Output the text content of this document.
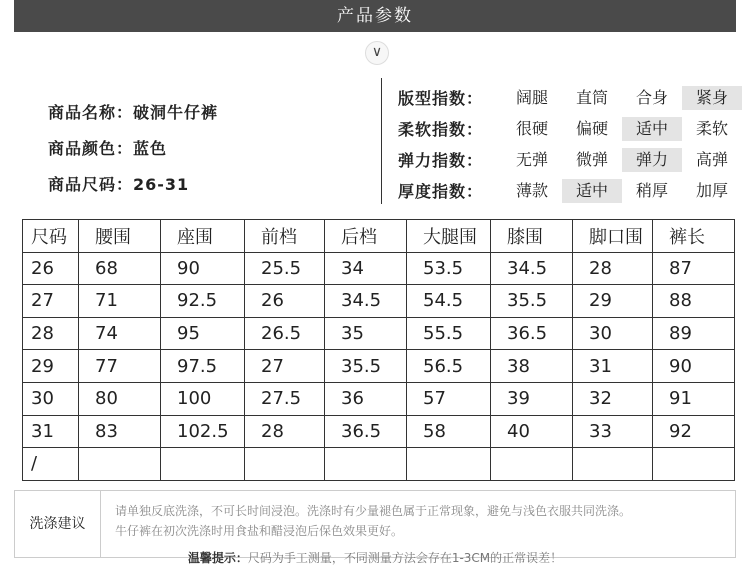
产品参数
∨
商品名称：破洞牛仔裤
商品颜色：蓝色
商品尺码：26-31
版型指数：	阔腿	直筒	合身	紧身
柔软指数：	很硬	偏硬	适中	柔软
弹力指数：	无弹	微弹	弹力	高弹
厚度指数：	薄款	适中	稍厚	加厚
尺码	腰围	座围	前档	后档	大腿围	膝围	脚口围	裤长
26	68	90	25.5	34	53.5	34.5	28	87
27	71	92.5	26	34.5	54.5	35.5	29	88
28	74	95	26.5	35	55.5	36.5	30	89
29	77	97.5	27	35.5	56.5	38	31	90
30	80	100	27.5	36	57	39	32	91
31	83	102.5	28	36.5	58	40	33	92
/								
洗涤建议
请单独反底洗涤，不可长时间浸泡。洗涤时有少量褪色属于正常现象，避免与浅色衣服共同洗涤。
牛仔裤在初次洗涤时用食盐和醋浸泡后保色效果更好。
温馨提示：尺码为手工测量，不同测量方法会存在1-3CM的正常误差！
